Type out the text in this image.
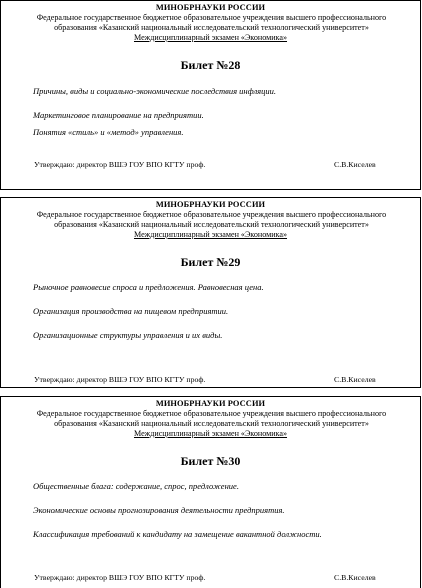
МИНОБРНАУКИ РОССИИ
Федеральное государственное бюджетное образовательное учреждения высшего профессионального
образования «Казанский национальный исследовательский технологический университет»
Междисциплинарный экзамен «Экономика»
Билет №28
Причины, виды и социально-экономические последствия инфляции.
Маркетинговое планирование на предприятии.
Понятия «стиль» и «метод» управления.
Утверждаю: директор ВШЭ ГОУ ВПО КГТУ проф.	С.В.Киселев
МИНОБРНАУКИ РОССИИ
Федеральное государственное бюджетное образовательное учреждения высшего профессионального
образования «Казанский национальный исследовательский технологический университет»
Междисциплинарный экзамен «Экономика»
Билет №29
Рыночное равновесие спроса и предложения. Равновесная цена.
Организация производства на пищевом предприятии.
Организационные структуры управления и их виды.
Утверждаю: директор ВШЭ ГОУ ВПО КГТУ проф.	С.В.Киселев
МИНОБРНАУКИ РОССИИ
Федеральное государственное бюджетное образовательное учреждения высшего профессионального
образования «Казанский национальный исследовательский технологический университет»
Междисциплинарный экзамен «Экономика»
Билет №30
Общественные блага: содержание, спрос, предложение.
Экономические основы прогнозирования деятельности предприятия.
Классификация требований к кандидату на замещение вакантной должности.
Утверждаю: директор ВШЭ ГОУ ВПО КГТУ проф.	С.В.Киселев
